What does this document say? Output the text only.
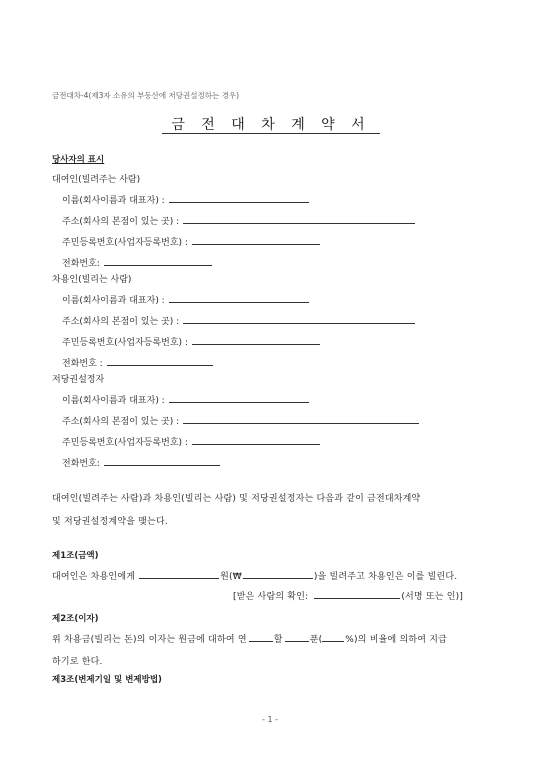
금전대차-4(제3자 소유의 부동산에 저당권설정하는 경우)
금 전 대 차 계 약 서
당사자의 표시
대여인(빌려주는 사람)
이름(회사이름과 대표자) :
주소(회사의 본점이 있는 곳) :
주민등록번호(사업자등록번호) :
전화번호:
차용인(빌리는 사람)
이름(회사이름과 대표자) :
주소(회사의 본점이 있는 곳) :
주민등록번호(사업자등록번호) :
전화번호 :
저당권설정자
이름(회사이름과 대표자) :
주소(회사의 본점이 있는 곳) :
주민등록번호(사업자등록번호) :
전화번호:
대여인(빌려주는 사람)과 차용인(빌리는 사람) 및 저당권설정자는 다음과 같이 금전대차계약
및 저당권설정계약을 맺는다.
제1조(금액)
대여인은 차용인에게	원(₩	)을 빌려주고 차용인은 이를 빌린다.
[받은 사람의 확인:	(서명 또는 인)]
제2조(이자)
위 차용금(빌리는 돈)의 이자는 원금에 대하여 연	할	푼(	%)의 비율에 의하여 지급
하기로 한다.
제3조(변제기일 및 변제방법)
- 1 -
